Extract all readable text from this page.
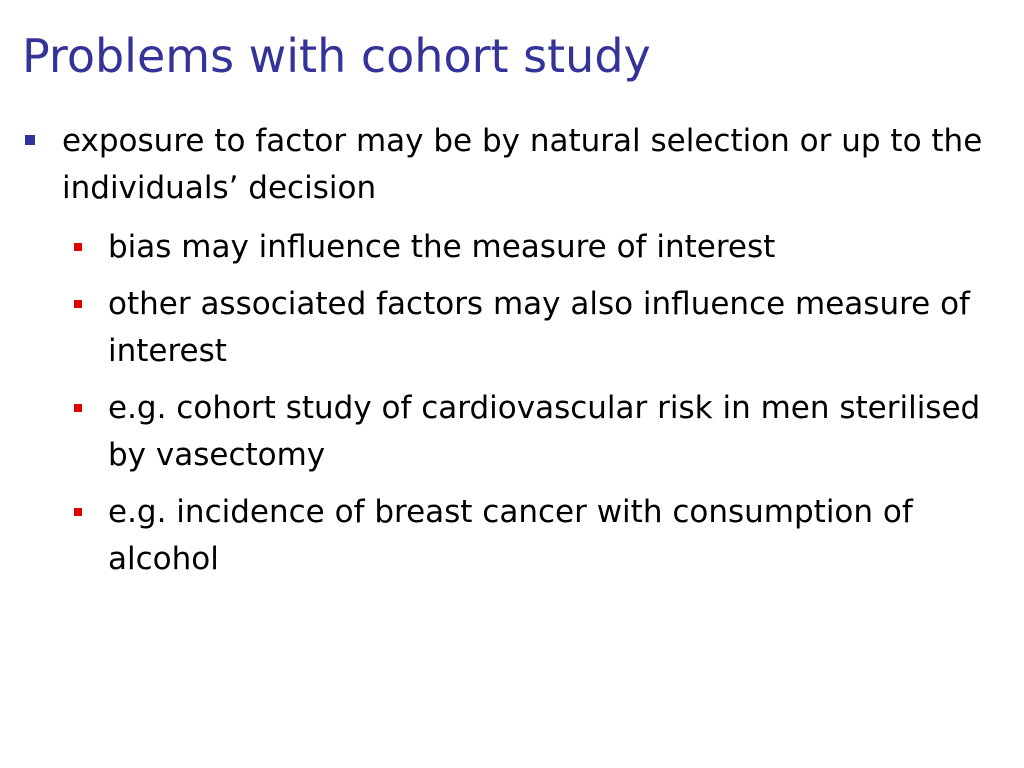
Problems with cohort study
exposure to factor may be by natural selection or up to the individuals’ decision
bias may influence the measure of interest
other associated factors may also influence measure of interest
e.g. cohort study of cardiovascular risk in men sterilised by vasectomy
e.g. incidence of breast cancer with consumption of alcohol
